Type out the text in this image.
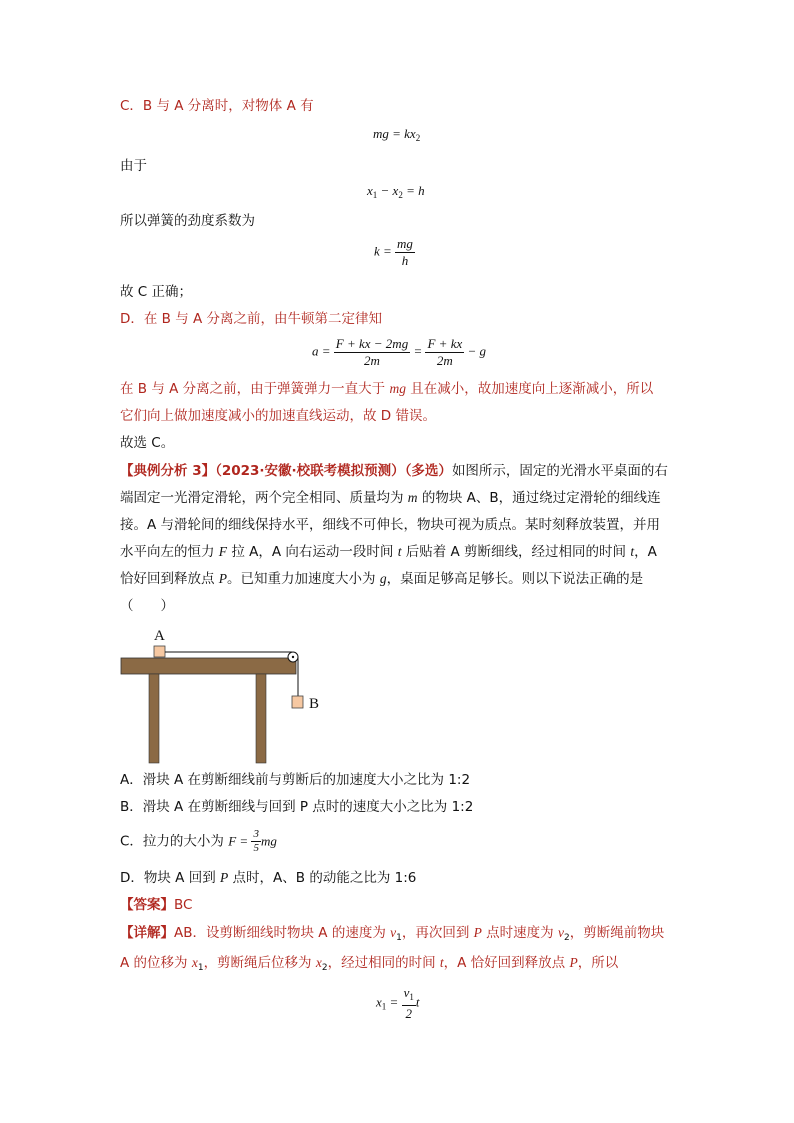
C．B 与 A 分离时，对物体 A 有
mg = $kx_2$
由于
$x_1 - x_2 = h$
所以弹簧的劲度系数为
$k = \frac{mg}{h}$
故 C 正确；
D．在 B 与 A 分离之前，由牛顿第二定律知
$a = \frac{F + kx - 2mg}{2m} = \frac{F + kx}{2m} - g$
在 B 与 A 分离之前，由于弹簧弹力一直大于 mg 且在减小，故加速度向上逐渐减小，所以
它们向上做加速度减小的加速直线运动，故 D 错误。
故选 C。
【典例分析 3】（2023·安徽·校联考模拟预测）（多选）如图所示，固定的光滑水平桌面的右
端固定一光滑定滑轮，两个完全相同、质量均为 m 的物块 A、B，通过绕过定滑轮的细线连
接。A 与滑轮间的细线保持水平，细线不可伸长，物块可视为质点。某时刻释放装置，并用
水平向左的恒力 F 拉 A，A 向右运动一段时间 t 后贴着 A 剪断细线，经过相同的时间 t，A
恰好回到释放点 P。已知重力加速度大小为 g，桌面足够高足够长。则以下说法正确的是
（　　）
A
B
A．滑块 A 在剪断细线前与剪断后的加速度大小之比为 1:2
B．滑块 A 在剪断细线与回到 P 点时的速度大小之比为 1:2
C．拉力的大小为 $F = \frac{3}{5}$ mg
D．物块 A 回到 P 点时，A、B 的动能之比为 1:6
【答案】BC
【详解】AB．设剪断细线时物块 A 的速度为 $v_1$，再次回到 P 点时速度为 $v_2$，剪断绳前物块
A 的位移为 $x_1$，剪断绳后位移为 $x_2$，经过相同的时间 t，A 恰好回到释放点 P，所以
$x_1 = \frac{v_1}{2}$ t
